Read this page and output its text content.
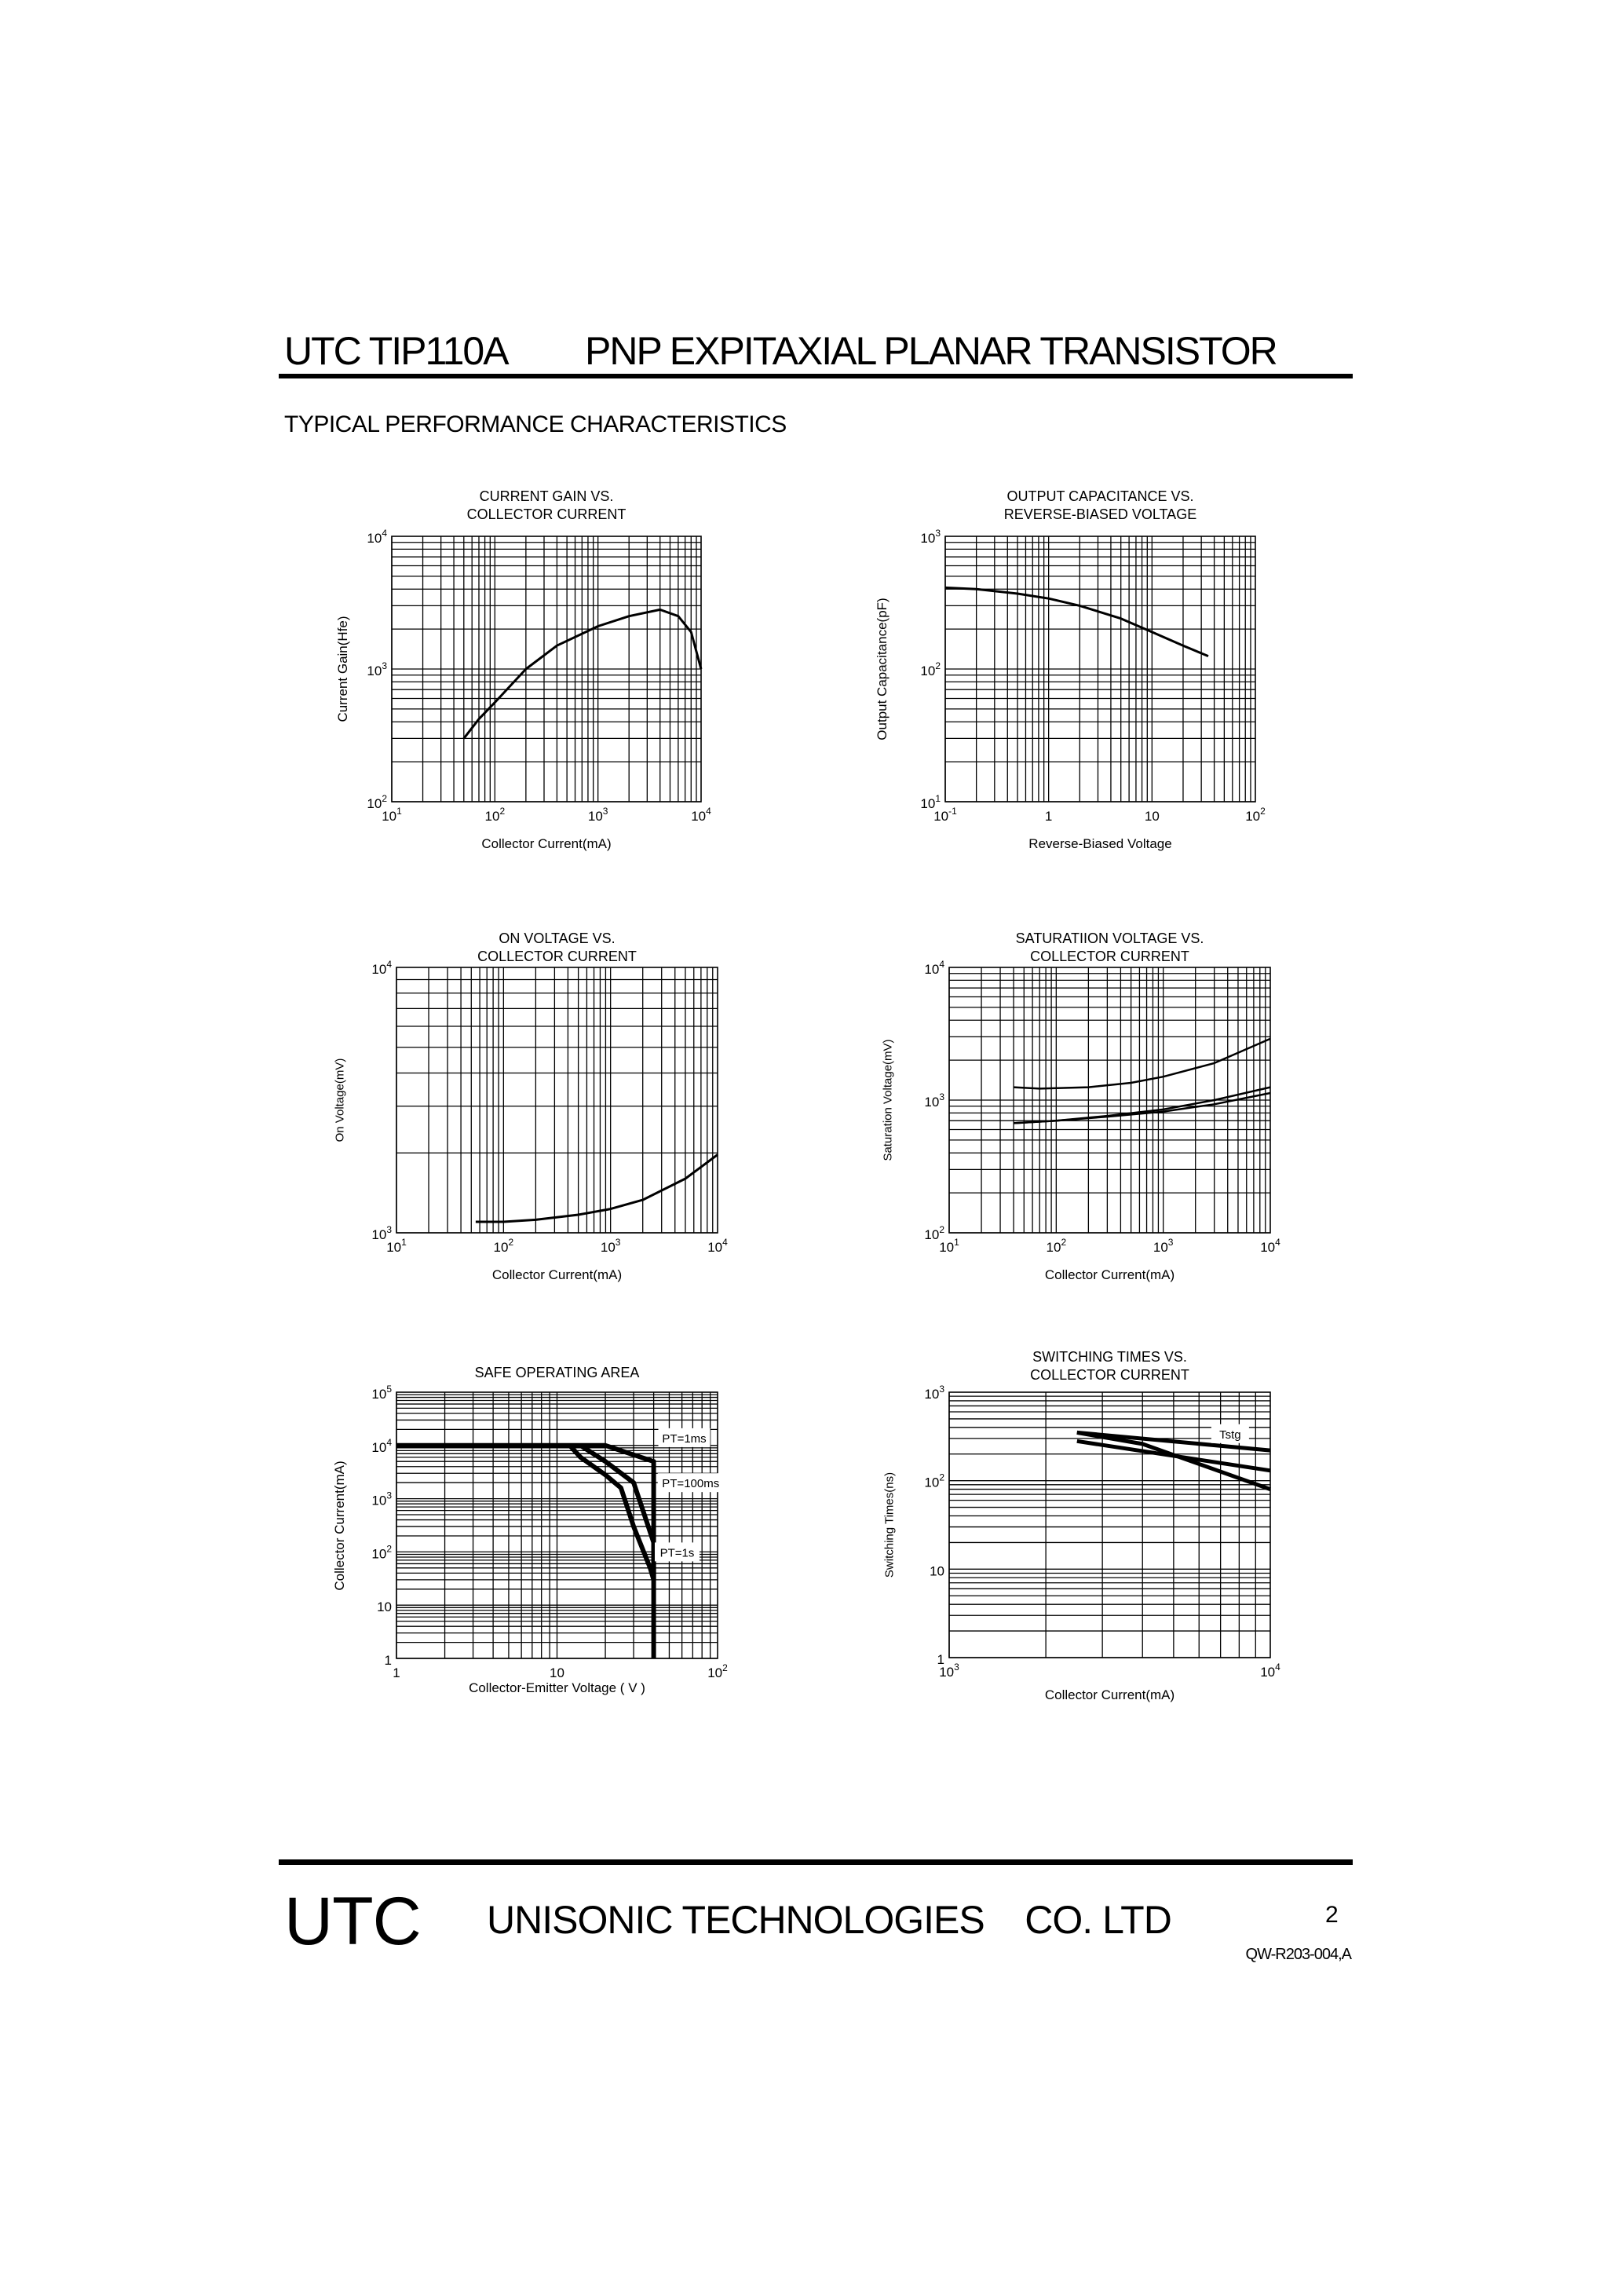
UTC TIP110A PNP EXPITAXIAL PLANAR TRANSISTOR
TYPICAL PERFORMANCE CHARACTERISTICS
CURRENT GAIN VS.
COLLECTOR CURRENT
Collector Current(mA)
Current Gain(Hfe)
$10^1$	$10^2$	$10^3$	$10^4$
$10^2$
$10^3$
$10^4$
OUTPUT CAPACITANCE VS.
REVERSE-BIASED VOLTAGE
Reverse-Biased Voltage
Output Capacitance(pF)
$10^{-1}$	1	10	$10^2$
$10^1$
$10^2$
$10^3$
ON VOLTAGE VS.
COLLECTOR CURRENT
Collector Current(mA)
On Voltage(mV)
$10^1$	$10^2$	$10^3$	$10^4$
$10^3$
$10^4$
SATURATIION VOLTAGE VS.
COLLECTOR CURRENT
Collector Current(mA)
Saturation Voltage(mV)
$10^1$	$10^2$	$10^3$	$10^4$
$10^2$
$10^3$
$10^4$
SAFE OPERATING AREA
Collector-Emitter Voltage ( V )
Collector Current(mA)
PT=1ms
PT=100ms
PT=1s
1	10	$10^2$
1
10
$10^2$
$10^3$
$10^4$
$10^5$
SWITCHING TIMES VS.
COLLECTOR CURRENT
Collector Current(mA)
Switching Times(ns)
Tstg
$10^3$	$10^4$
1
10
$10^2$
$10^3$
UTC UNISONIC TECHNOLOGIES    CO. LTD	2
QW-R203-004,A
